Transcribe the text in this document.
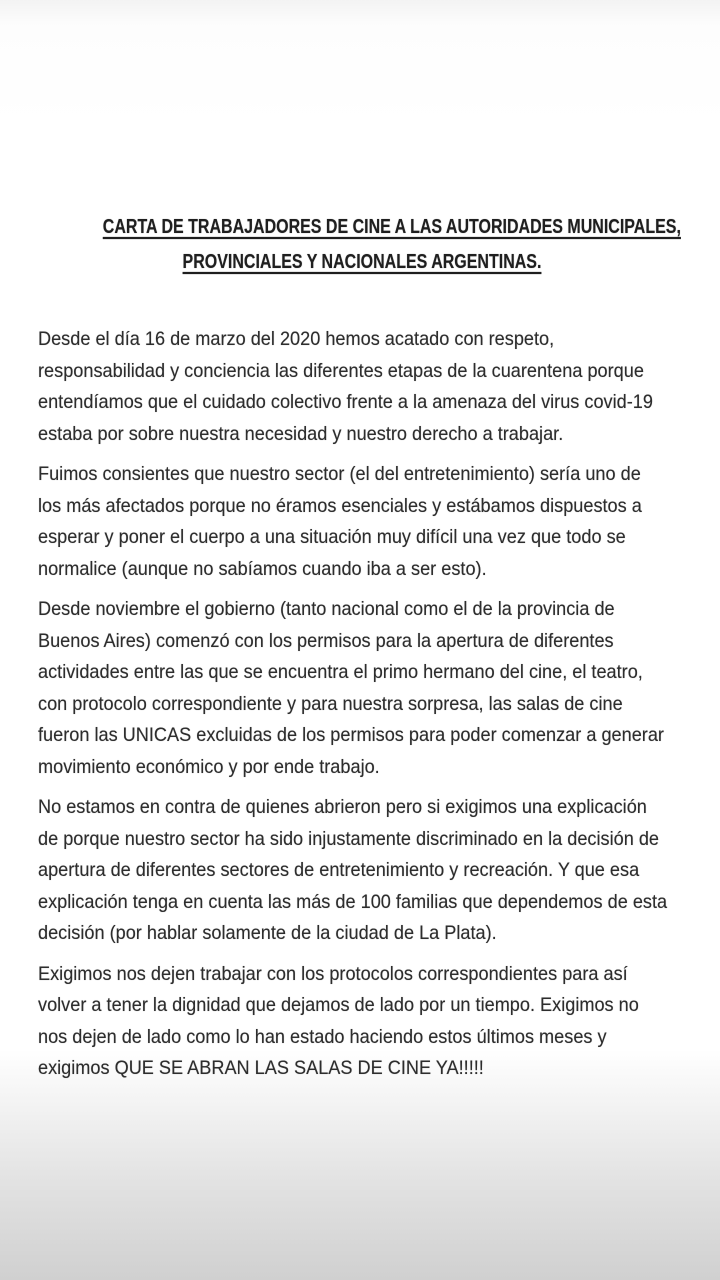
CARTA DE TRABAJADORES DE CINE A LAS AUTORIDADES MUNICIPALES,
PROVINCIALES Y NACIONALES ARGENTINAS.
Desde el día 16 de marzo del 2020 hemos acatado con respeto,
responsabilidad y conciencia las diferentes etapas de la cuarentena porque
entendíamos que el cuidado colectivo frente a la amenaza del virus covid-19
estaba por sobre nuestra necesidad y nuestro derecho a trabajar.
Fuimos consientes que nuestro sector (el del entretenimiento) sería uno de
los más afectados porque no éramos esenciales y estábamos dispuestos a
esperar y poner el cuerpo a una situación muy difícil una vez que todo se
normalice (aunque no sabíamos cuando iba a ser esto).
Desde noviembre el gobierno (tanto nacional como el de la provincia de
Buenos Aires) comenzó con los permisos para la apertura de diferentes
actividades entre las que se encuentra el primo hermano del cine, el teatro,
con protocolo correspondiente y para nuestra sorpresa, las salas de cine
fueron las UNICAS excluidas de los permisos para poder comenzar a generar
movimiento económico y por ende trabajo.
No estamos en contra de quienes abrieron pero si exigimos una explicación
de porque nuestro sector ha sido injustamente discriminado en la decisión de
apertura de diferentes sectores de entretenimiento y recreación. Y que esa
explicación tenga en cuenta las más de 100 familias que dependemos de esta
decisión (por hablar solamente de la ciudad de La Plata).
Exigimos nos dejen trabajar con los protocolos correspondientes para así
volver a tener la dignidad que dejamos de lado por un tiempo. Exigimos no
nos dejen de lado como lo han estado haciendo estos últimos meses y
exigimos QUE SE ABRAN LAS SALAS DE CINE YA!!!!!
